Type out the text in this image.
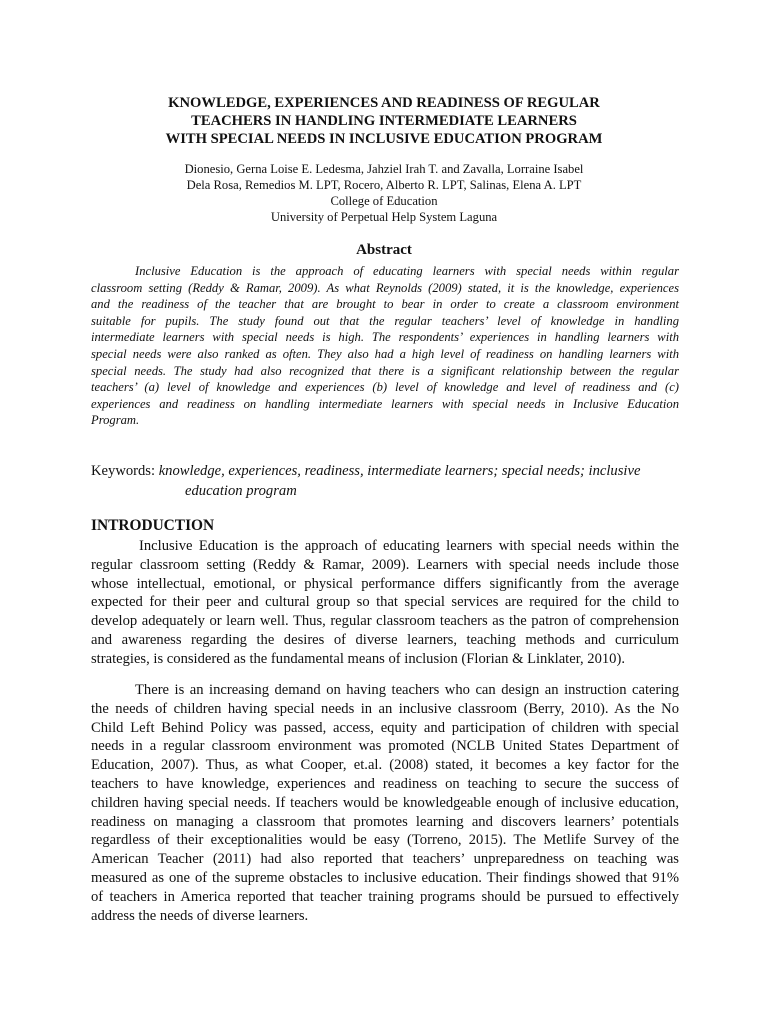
KNOWLEDGE, EXPERIENCES AND READINESS OF REGULAR
TEACHERS IN HANDLING INTERMEDIATE LEARNERS
WITH SPECIAL NEEDS IN INCLUSIVE EDUCATION PROGRAM
Dionesio, Gerna Loise E. Ledesma, Jahziel Irah T. and Zavalla, Lorraine Isabel
Dela Rosa, Remedios M. LPT, Rocero, Alberto R. LPT, Salinas, Elena A. LPT
College of Education
University of Perpetual Help System Laguna
Abstract
Inclusive Education is the approach of educating learners with special needs within regular
classroom setting (Reddy & Ramar, 2009). As what Reynolds (2009) stated, it is the knowledge, experiences
and the readiness of the teacher that are brought to bear in order to create a classroom environment
suitable for pupils. The study found out that the regular teachers’ level of knowledge in handling
intermediate learners with special needs is high. The respondents’ experiences in handling learners with
special needs were also ranked as often. They also had a high level of readiness on handling learners with
special needs. The study had also recognized that there is a significant relationship between the regular
teachers’ (a) level of knowledge and experiences (b) level of knowledge and level of readiness and (c)
experiences and readiness on handling intermediate learners with special needs in Inclusive Education
Program.
Keywords: knowledge, experiences, readiness, intermediate learners; special needs; inclusive
education program
INTRODUCTION
Inclusive Education is the approach of educating learners with special needs within the
regular classroom setting (Reddy & Ramar, 2009). Learners with special needs include those
whose intellectual, emotional, or physical performance differs significantly from the average
expected for their peer and cultural group so that special services are required for the child to
develop adequately or learn well. Thus, regular classroom teachers as the patron of comprehension
and awareness regarding the desires of diverse learners, teaching methods and curriculum
strategies, is considered as the fundamental means of inclusion (Florian & Linklater, 2010).
There is an increasing demand on having teachers who can design an instruction catering
the needs of children having special needs in an inclusive classroom (Berry, 2010). As the No
Child Left Behind Policy was passed, access, equity and participation of children with special
needs in a regular classroom environment was promoted (NCLB United States Department of
Education, 2007). Thus, as what Cooper, et.al. (2008) stated, it becomes a key factor for the
teachers to have knowledge, experiences and readiness on teaching to secure the success of
children having special needs. If teachers would be knowledgeable enough of inclusive education,
readiness on managing a classroom that promotes learning and discovers learners’ potentials
regardless of their exceptionalities would be easy (Torreno, 2015). The Metlife Survey of the
American Teacher (2011) had also reported that teachers’ unpreparedness on teaching was
measured as one of the supreme obstacles to inclusive education. Their findings showed that 91%
of teachers in America reported that teacher training programs should be pursued to effectively
address the needs of diverse learners.
